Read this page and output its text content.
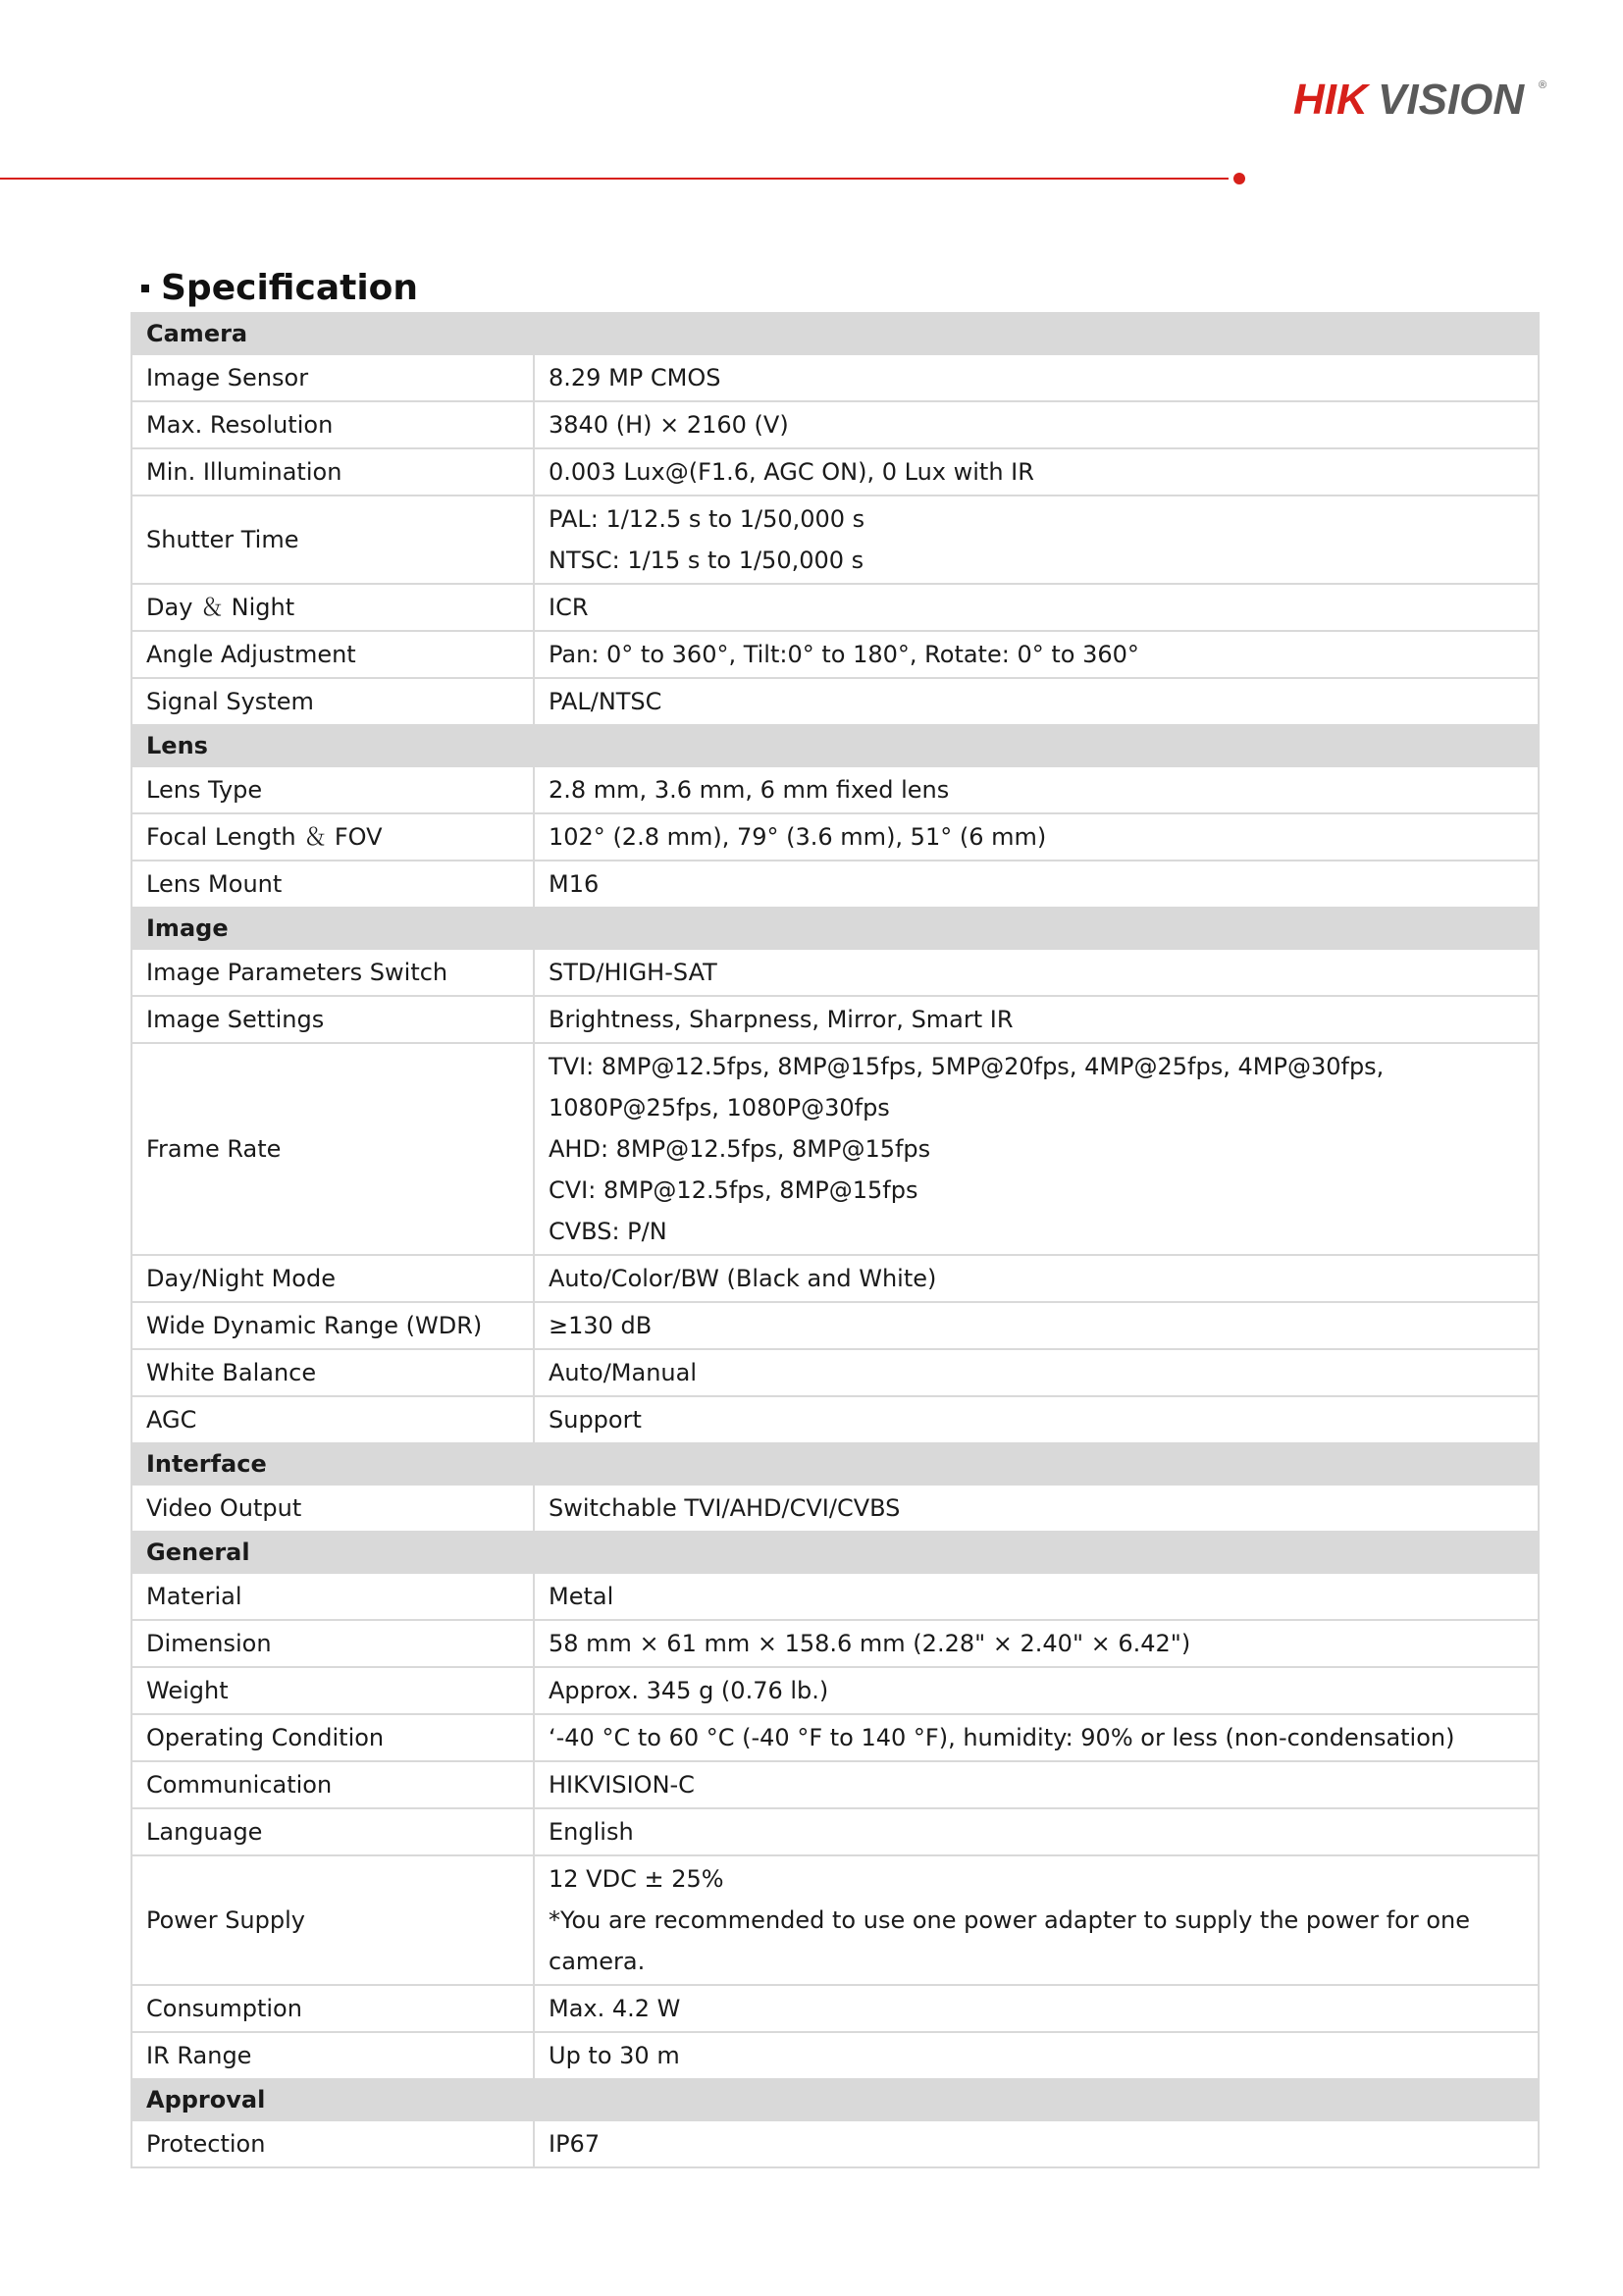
HIK VISION ®
Specification
Camera	
Image Sensor	8.29 MP CMOS

Max. Resolution	3840 (H) × 2160 (V)

Min. Illumination	0.003 Lux@(F1.6, AGC ON), 0 Lux with IR

Shutter Time	PAL: 1/12.5 s to 1/50,000 s
NTSC: 1/15 s to 1/50,000 s

Day ＆ Night	ICR

Angle Adjustment	Pan: 0° to 360°, Tilt:0° to 180°, Rotate: 0° to 360°

Signal System	PAL/NTSC

Lens	
Lens Type	2.8 mm, 3.6 mm, 6 mm fixed lens

Focal Length ＆ FOV	102° (2.8 mm), 79° (3.6 mm), 51° (6 mm)

Lens Mount	M16

Image	
Image Parameters Switch	STD/HIGH-SAT

Image Settings	Brightness, Sharpness, Mirror, Smart IR

Frame Rate	TVI: 8MP@12.5fps, 8MP@15fps, 5MP@20fps, 4MP@25fps, 4MP@30fps,
1080P@25fps, 1080P@30fps
AHD: 8MP@12.5fps, 8MP@15fps
CVI: 8MP@12.5fps, 8MP@15fps
CVBS: P/N

Day/Night Mode	Auto/Color/BW (Black and White)

Wide Dynamic Range (WDR)	≥130 dB

White Balance	Auto/Manual

AGC	Support

Interface	
Video Output	Switchable TVI/AHD/CVI/CVBS

General	
Material	Metal

Dimension	58 mm × 61 mm × 158.6 mm (2.28" × 2.40" × 6.42")

Weight	Approx. 345 g (0.76 lb.)

Operating Condition	‘-40 °C to 60 °C (-40 °F to 140 °F), humidity: 90% or less (non-condensation)

Communication	HIKVISION-C

Language	English

Power Supply	12 VDC ± 25%
*You are recommended to use one power adapter to supply the power for one
camera.

Consumption	Max. 4.2 W

IR Range	Up to 30 m

Approval	
Protection	IP67
